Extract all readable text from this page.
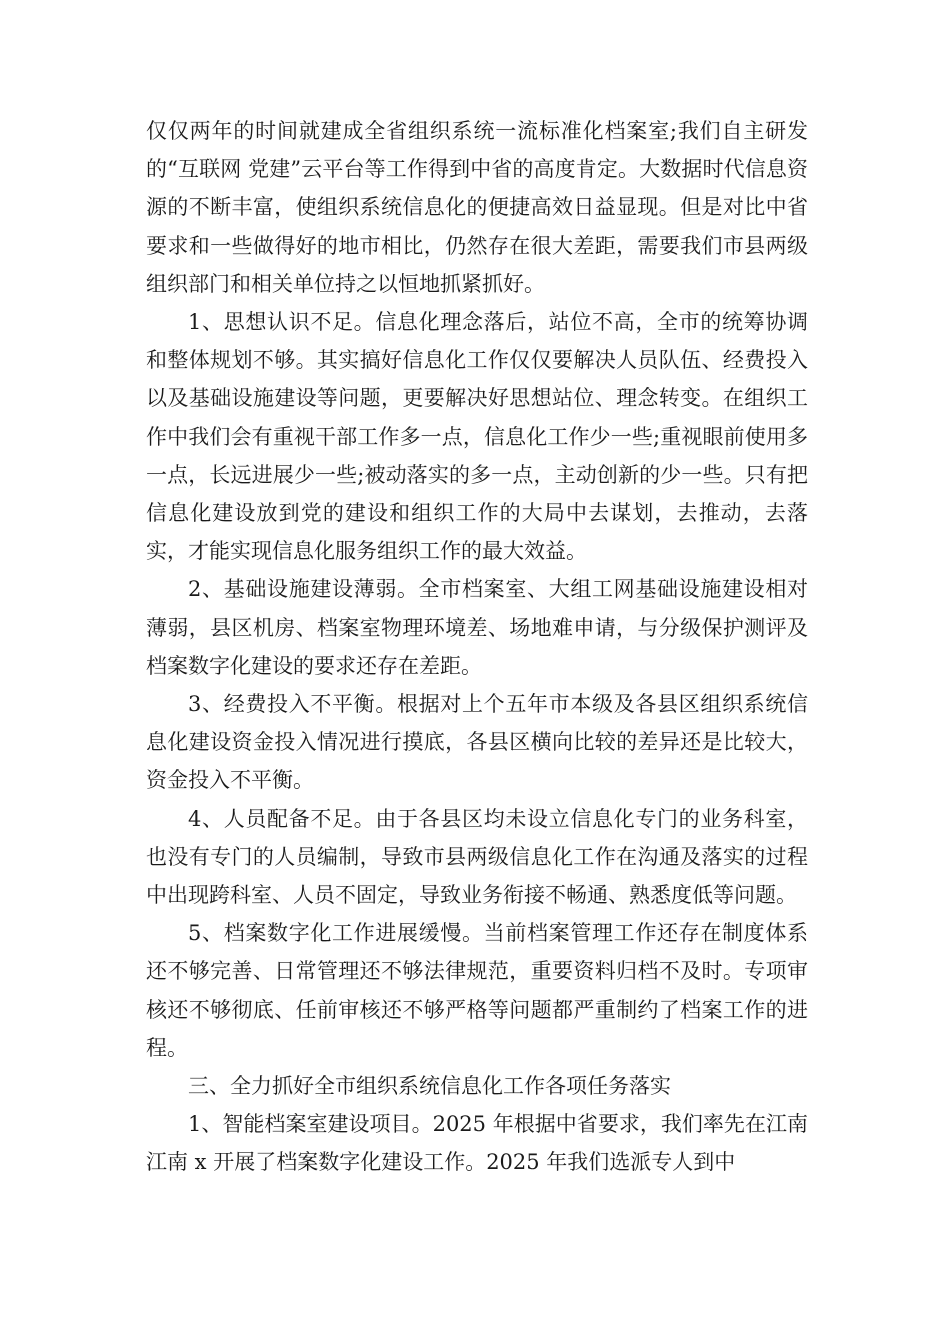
仅仅两年的时间就建成全省组织系统一流标准化档案室;我们自主研发的“互联网 党建”云平台等工作得到中省的高度肯定。大数据时代信息资源的不断丰富，使组织系统信息化的便捷高效日益显现。但是对比中省要求和一些做得好的地市相比，仍然存在很大差距，需要我们市县两级组织部门和相关单位持之以恒地抓紧抓好。

1、思想认识不足。信息化理念落后，站位不高，全市的统筹协调和整体规划不够。其实搞好信息化工作仅仅要解决人员队伍、经费投入以及基础设施建设等问题，更要解决好思想站位、理念转变。在组织工作中我们会有重视干部工作多一点，信息化工作少一些;重视眼前使用多一点，长远进展少一些;被动落实的多一点，主动创新的少一些。只有把信息化建设放到党的建设和组织工作的大局中去谋划，去推动，去落实，才能实现信息化服务组织工作的最大效益。

2、基础设施建设薄弱。全市档案室、大组工网基础设施建设相对薄弱，县区机房、档案室物理环境差、场地难申请，与分级保护测评及档案数字化建设的要求还存在差距。

3、经费投入不平衡。根据对上个五年市本级及各县区组织系统信息化建设资金投入情况进行摸底，各县区横向比较的差异还是比较大，资金投入不平衡。

4、人员配备不足。由于各县区均未设立信息化专门的业务科室，也没有专门的人员编制，导致市县两级信息化工作在沟通及落实的过程中出现跨科室、人员不固定，导致业务衔接不畅通、熟悉度低等问题。

5、档案数字化工作进展缓慢。当前档案管理工作还存在制度体系还不够完善、日常管理还不够法律规范，重要资料归档不及时。专项审核还不够彻底、任前审核还不够严格等问题都严重制约了档案工作的进程。

三、全力抓好全市组织系统信息化工作各项任务落实

1、智能档案室建设项目。2025 年根据中省要求，我们率先在江南江南 x 开展了档案数字化建设工作。2025 年我们选派专人到中
